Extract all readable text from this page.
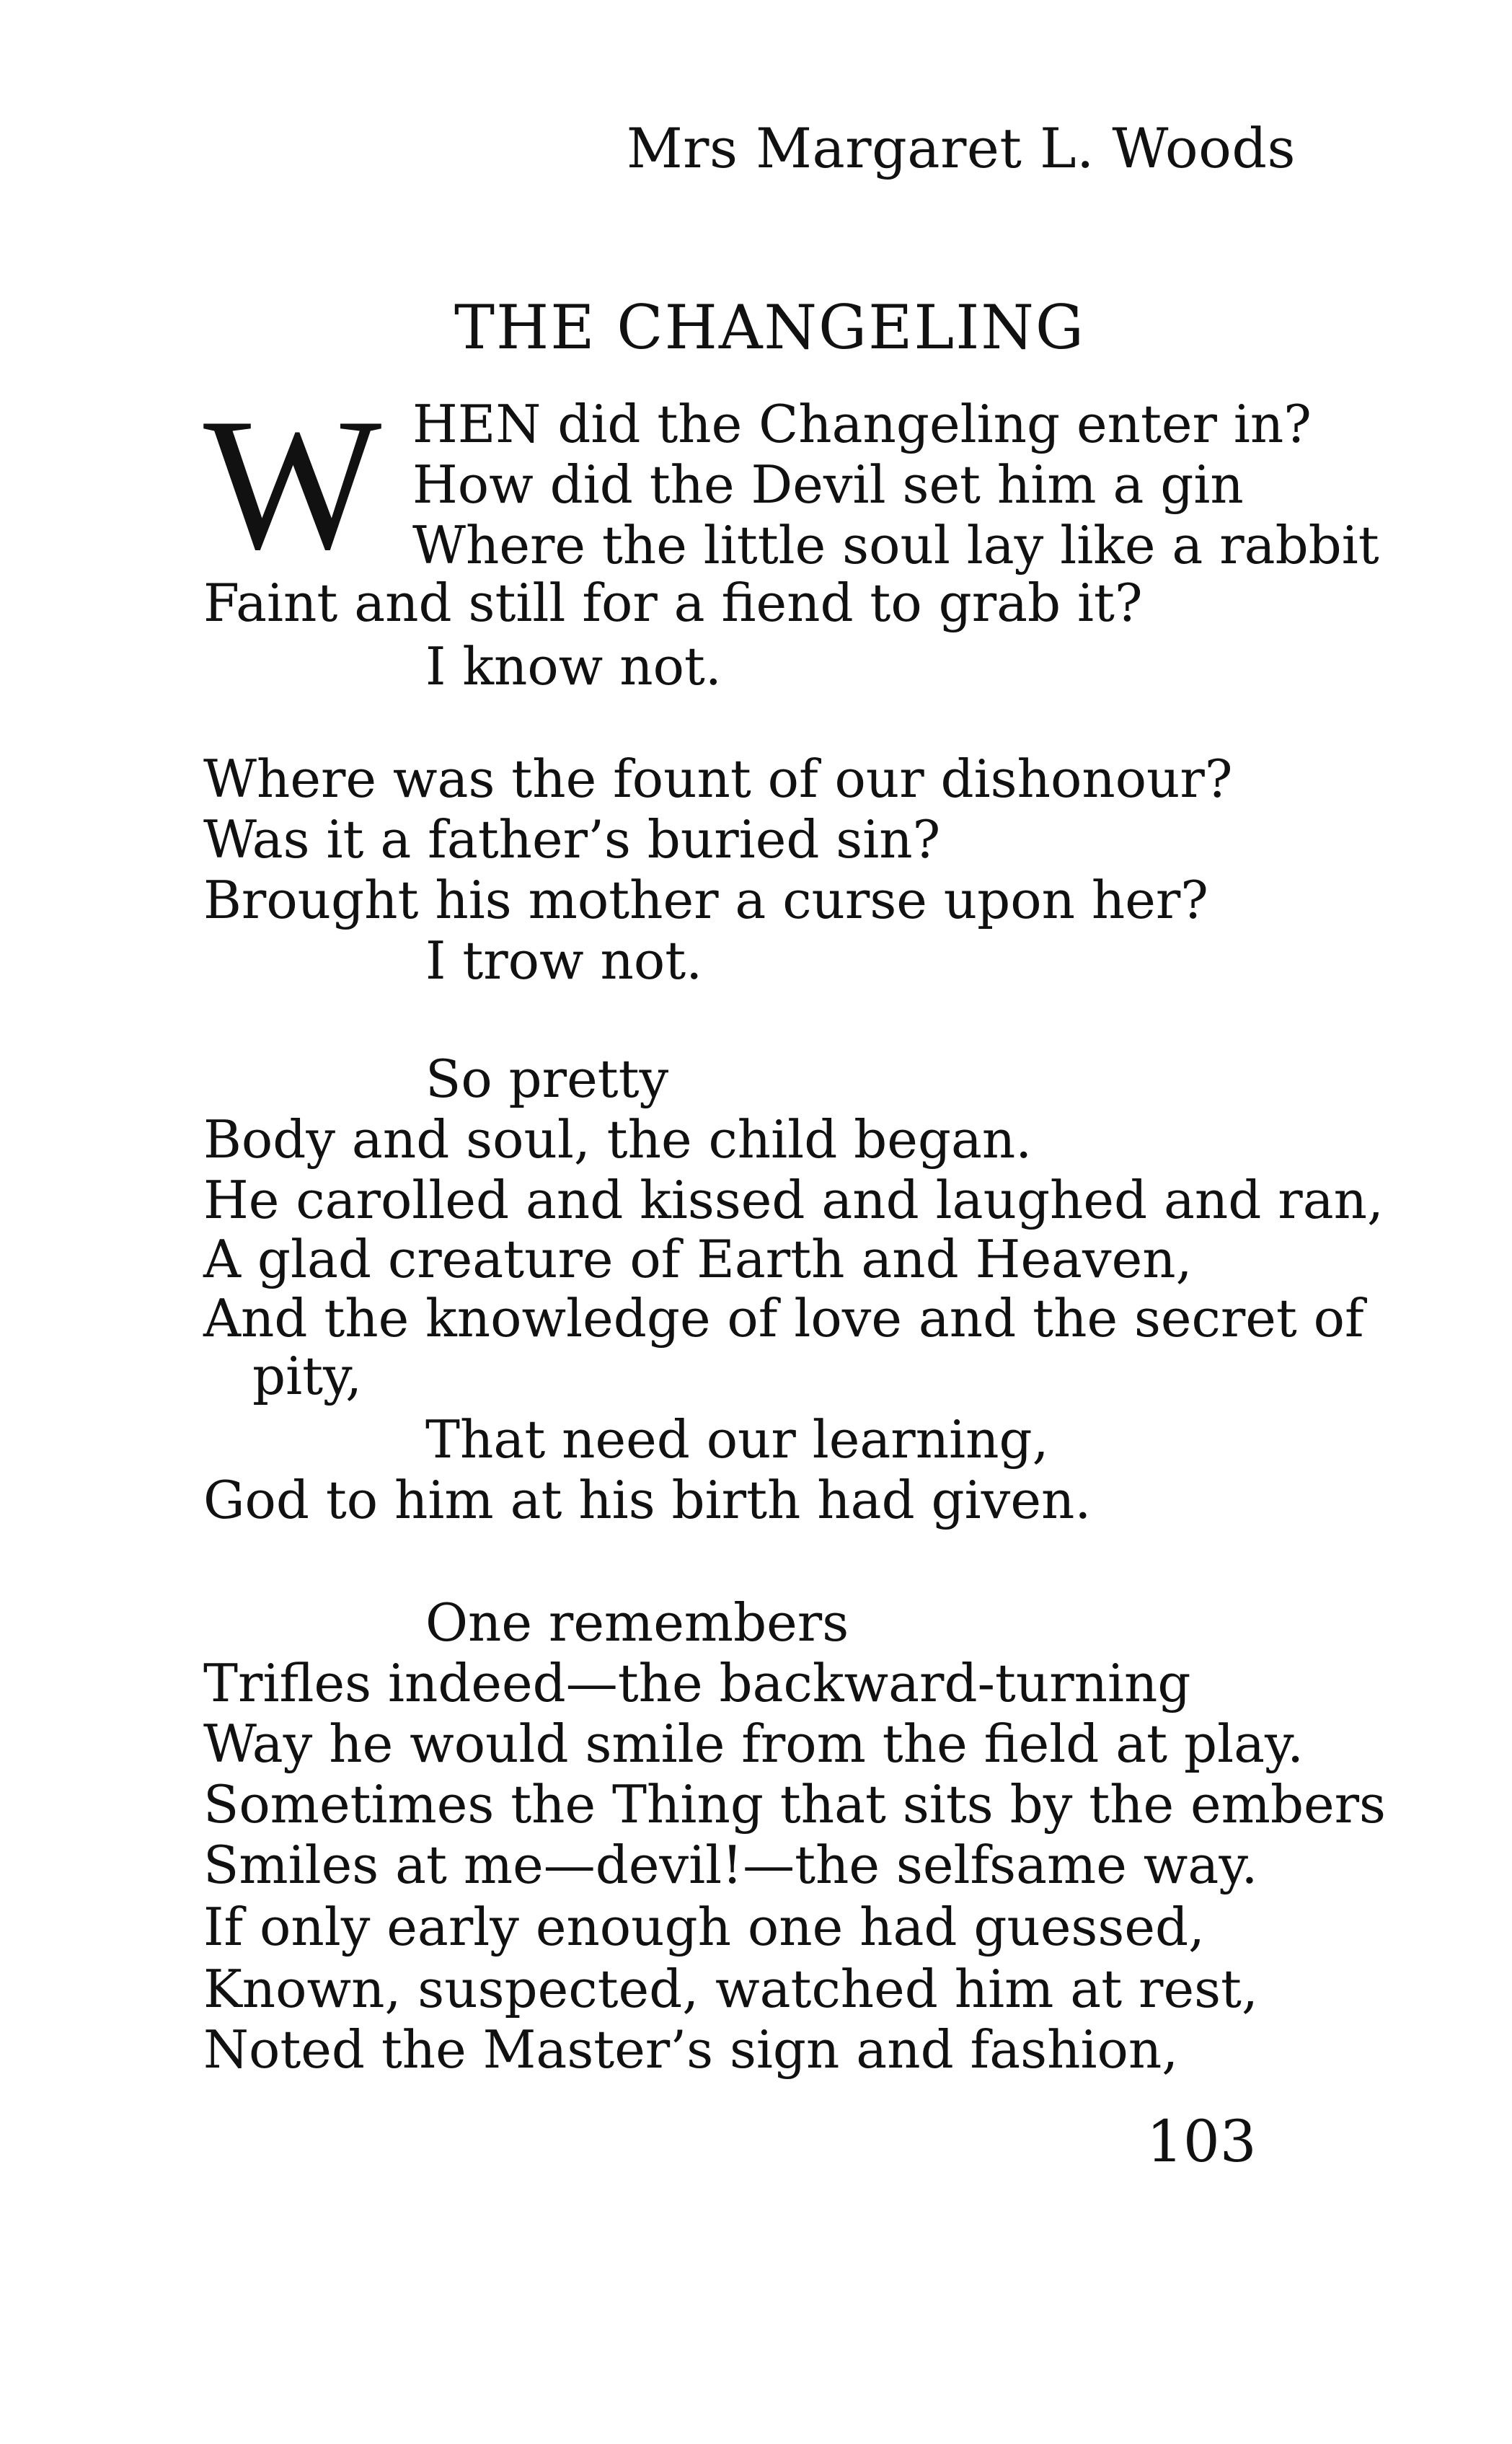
Mrs Margaret L. Woods
THE CHANGELING
W HEN did the Changeling enter in?
How did the Devil set him a gin
Where the little soul lay like a rabbit
Faint and still for a fiend to grab it?
I know not.
Where was the fount of our dishonour?
Was it a father’s buried sin?
Brought his mother a curse upon her?
I trow not.
So pretty
Body and soul, the child began.
He carolled and kissed and laughed and ran,
A glad creature of Earth and Heaven,
And the knowledge of love and the secret of
pity,
That need our learning,
God to him at his birth had given.
One remembers
Trifles indeed—the backward-turning
Way he would smile from the field at play.
Sometimes the Thing that sits by the embers
Smiles at me—devil!—the selfsame way.
If only early enough one had guessed,
Known, suspected, watched him at rest,
Noted the Master’s sign and fashion,
103
